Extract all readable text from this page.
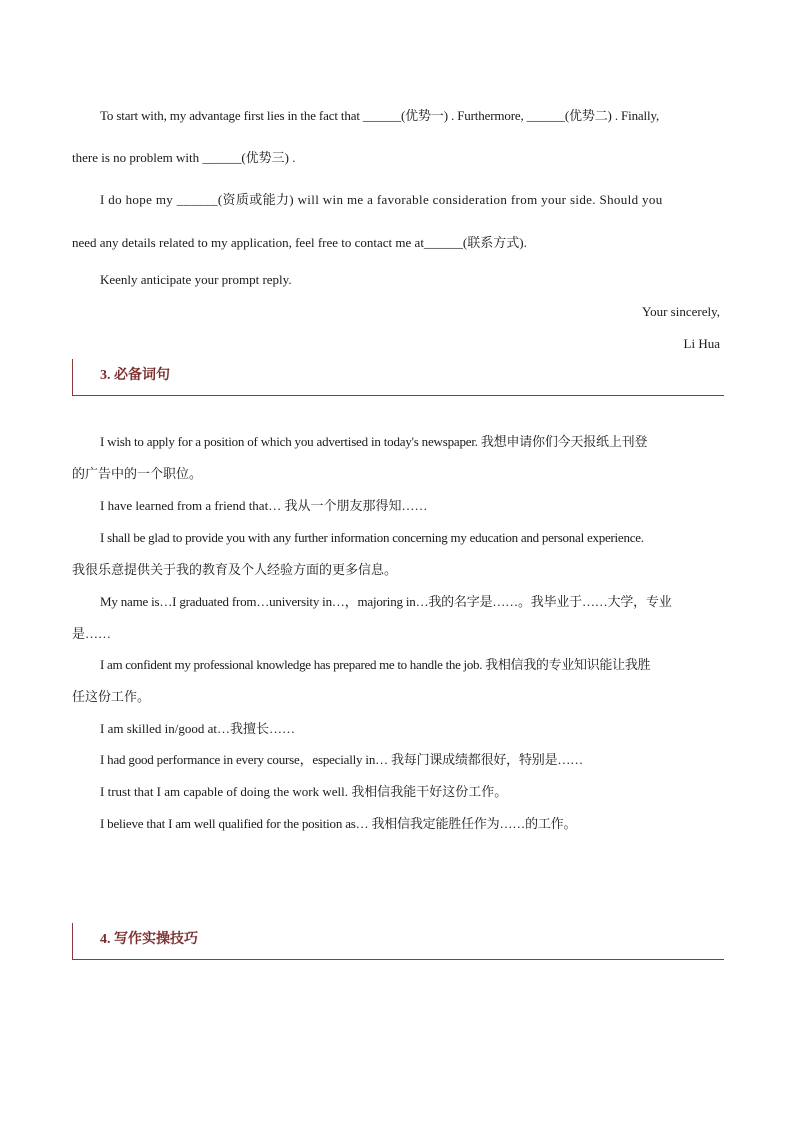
To start with, my advantage first lies in the fact that ______(优势一) . Furthermore, ______(优势二) . Finally,
there is no problem with ______(优势三) .
I do hope my ______(资质或能力) will win me a favorable consideration from your side. Should you
need any details related to my application, feel free to contact me at______(联系方式).
Keenly anticipate your prompt reply.
Your sincerely,
Li Hua
3. 必备词句
I wish to apply for a position of which you advertised in today's newspaper. 我想申请你们今天报纸上刊登
的广告中的一个职位。
I have learned from a friend that… 我从一个朋友那得知……
I shall be glad to provide you with any further information concerning my education and personal experience.
我很乐意提供关于我的教育及个人经验方面的更多信息。
My name is…I graduated from…university in…，majoring in…我的名字是……。我毕业于……大学，专业
是……
I am confident my professional knowledge has prepared me to handle the job. 我相信我的专业知识能让我胜
任这份工作。
I am skilled in/good at…我擅长……
I had good performance in every course，especially in… 我每门课成绩都很好，特别是……
I trust that I am capable of doing the work well. 我相信我能干好这份工作。
I believe that I am well qualified for the position as… 我相信我定能胜任作为……的工作。
4. 写作实操技巧
